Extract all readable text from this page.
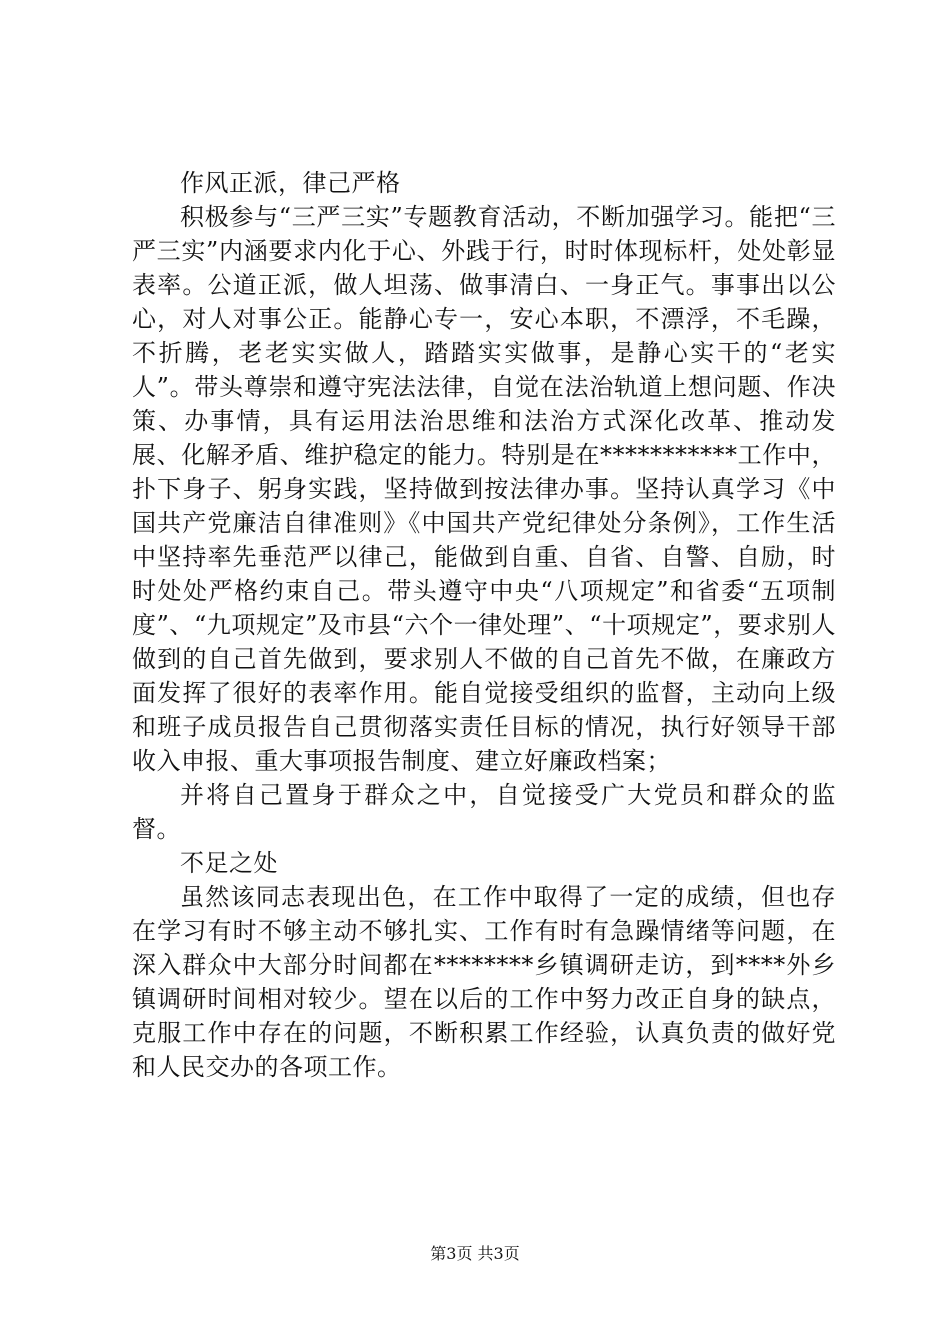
作风正派，律己严格

积极参与“三严三实”专题教育活动，不断加强学习。能把“三严三实”内涵要求内化于心、外践于行，时时体现标杆，处处彰显表率。公道正派，做人坦荡、做事清白、一身正气。事事出以公心，对人对事公正。能静心专一，安心本职，不漂浮，不毛躁，不折腾，老老实实做人，踏踏实实做事，是静心实干的“老实人”。带头尊崇和遵守宪法法律，自觉在法治轨道上想问题、作决策、办事情，具有运用法治思维和法治方式深化改革、推动发展、化解矛盾、维护稳定的能力。特别是在***********工作中，扑下身子、躬身实践，坚持做到按法律办事。坚持认真学习《中国共产党廉洁自律准则》《中国共产党纪律处分条例》，工作生活中坚持率先垂范严以律己，能做到自重、自省、自警、自励，时时处处严格约束自己。带头遵守中央“八项规定”和省委“五项制度”、“九项规定”及市县“六个一律处理”、“十项规定”，要求别人做到的自己首先做到，要求别人不做的自己首先不做，在廉政方面发挥了很好的表率作用。能自觉接受组织的监督，主动向上级和班子成员报告自己贯彻落实责任目标的情况，执行好领导干部收入申报、重大事项报告制度、建立好廉政档案；

并将自己置身于群众之中，自觉接受广大党员和群众的监督。

不足之处

虽然该同志表现出色，在工作中取得了一定的成绩，但也存在学习有时不够主动不够扎实、工作有时有急躁情绪等问题，在深入群众中大部分时间都在********乡镇调研走访，到****外乡镇调研时间相对较少。望在以后的工作中努力改正自身的缺点，克服工作中存在的问题，不断积累工作经验，认真负责的做好党和人民交办的各项工作。

第3页 共3页
